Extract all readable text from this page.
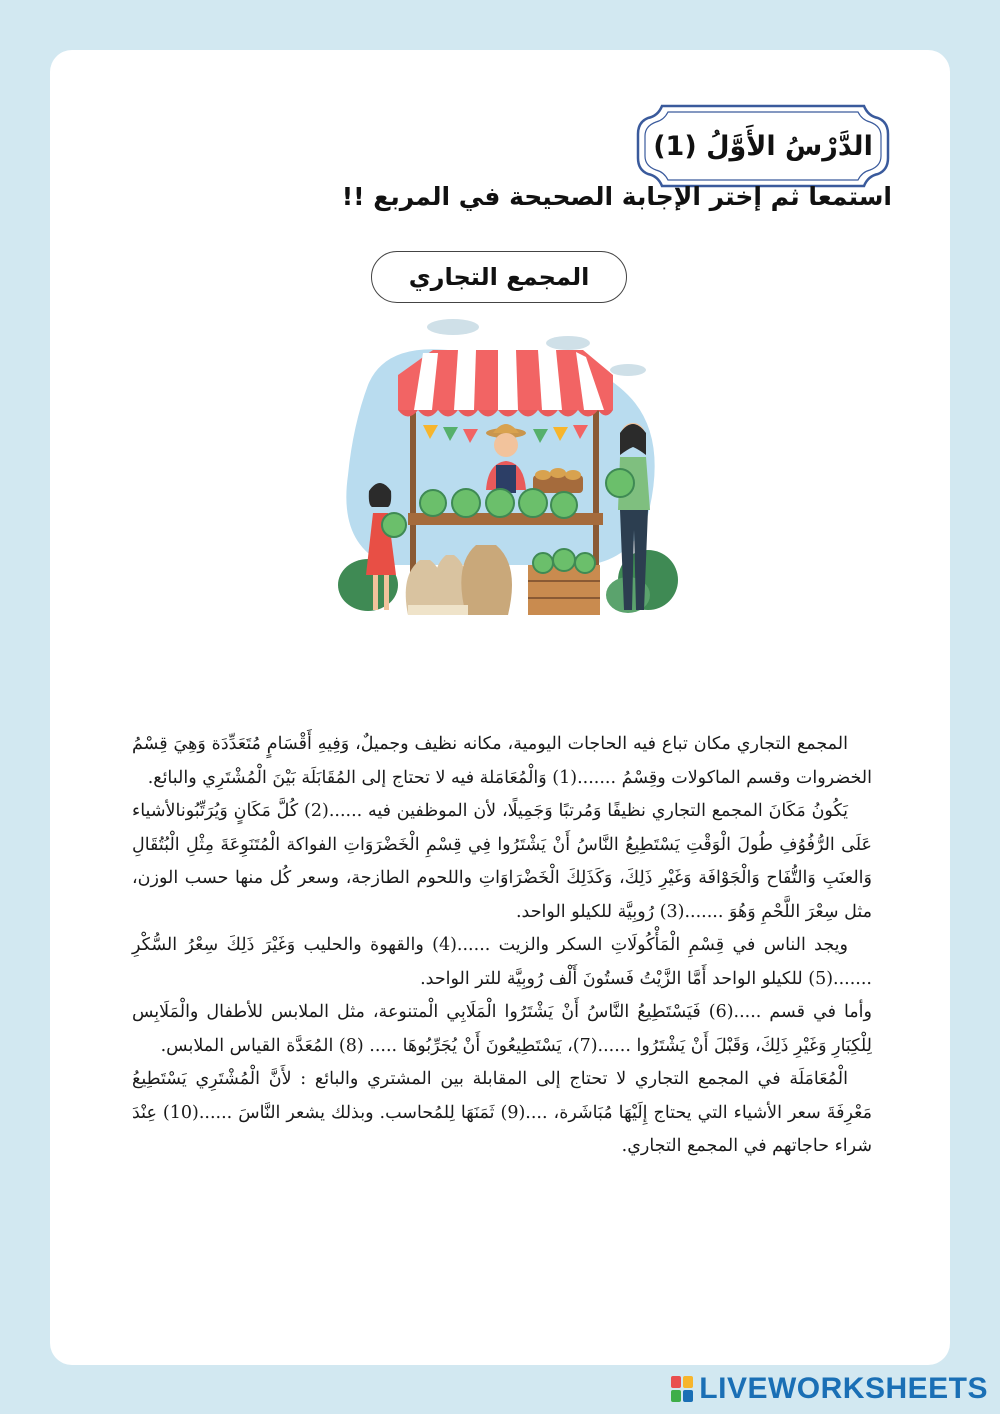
الدَّرْسُ الأَوَّلُ (1)
استمعا ثم إختر الإجابة الصحيحة في المربع !!
المجمع التجاري

المجمع التجاري مكان تباع فيه الحاجات اليومية، مكانه نظيف وجميلٌ، وَفِيهِ أَقْسَامٍ مُتَعَدِّدَة وَهِيَ قِسْمُ الخضروات وقسم الماكولات وقِسْمُ .......(1) وَالْمُعَامَلة فيه لا تحتاج إلى المُقَابَلَة بَيْنَ الْمُشْتَرِي والبائع.

يَكُونُ مَكَانَ المجمع التجاري نظيفًا وَمُرتبًا وَجَمِيلًا، لأن الموظفين فيه ......(2) كُلَّ مَكَانٍ وَيُرَتِّبُونالأشياء عَلَى الرُّفُوُفِ طُولَ الْوَقْتِ يَسْتَطِيعُ النَّاسُ أَنْ يَشْتَرُوا فِي قِسْمِ الْخَضْرَوَاتِ الفواكة الْمُتَنَوِعَةَ مِثْلِ الْبُتُقَالِ وَالعنَبِ وَالتُّفَاح وَالْجَوْافَة وَغَيْرِ ذَلِكَ، وَكَذَلِكَ الْخَضْرَاوَاتِ واللحوم الطازجة، وسعر كُل منها حسب الوزن، مثل سِعْرَ اللَّحْمِ وَهُوَ .......(3) رُوبِيَّة للكيلو الواحد.

ويجد الناس في قِسْمِ الْمَأْكُولَاتِ السكر والزيت ......(4) والقهوة والحليب وَغَيْرَ ذَلِكَ سِعْرُ السُّكْرِ .......(5) للكيلو الواحد أَمَّا الزَّيْتُ فَستُونَ أَلْف رُوبِيَّة للتر الواحد.

وأما في قسم .....(6) فَيَسْتَطِيعُ النَّاسُ أَنْ يَشْتَرُوا الْمَلَابِي الْمتنوعة، مثل الملابس للأطفال والْمَلَابِس لِلْكِبَارِ وَغَيْرِ ذَلِكَ، وَقَبْلَ أَنْ يَشْتَرُوا ......(7)، يَسْتَطِيعُونَ أَنْ يُجَرِّبُوهَا ..... (8) المُعَدَّة القياس الملابس.

الْمُعَامَلَة في المجمع التجاري لا تحتاج إلى المقابلة بين المشتري والبائع : لأَنَّ الْمُشْتَرِي يَسْتَطِيعُ مَعْرِفَةَ سعر الأشياء التي يحتاج إِلَيْهَا مُبَاشَرة، ....(9) ثَمَنَهَا لِلمُحاسب. وبذلك يشعر النَّاسَ ......(10) عِنْدَ شراء حاجاتهم في المجمع التجاري.

LIVEWORKSHEETS
